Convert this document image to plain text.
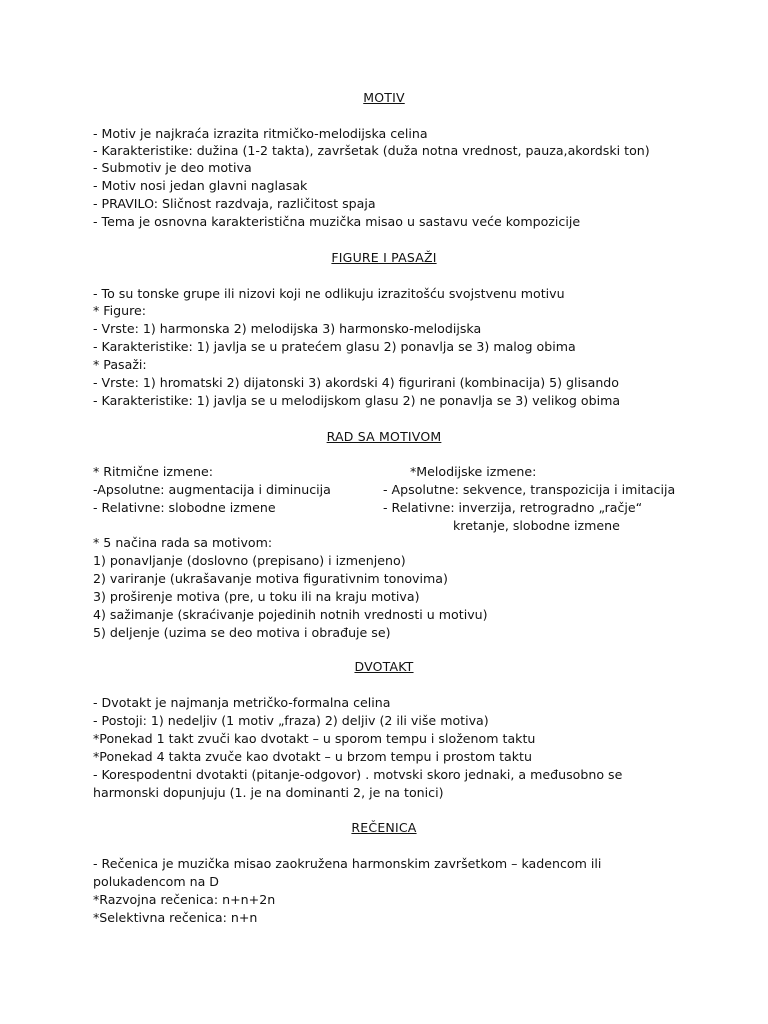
MOTIV
- Motiv je najkraća izrazita ritmičko-melodijska celina
- Karakteristike: dužina (1-2 takta), završetak (duža notna vrednost, pauza,akordski ton)
- Submotiv je deo motiva
- Motiv nosi jedan glavni naglasak
- PRAVILO: Sličnost razdvaja, različitost spaja
- Tema je osnovna karakteristična muzička misao u sastavu veće kompozicije
FIGURE I PASAŽI
- To su tonske grupe ili nizovi koji ne odlikuju izrazitošću svojstvenu motivu
* Figure:
- Vrste: 1) harmonska 2) melodijska 3) harmonsko-melodijska
- Karakteristike: 1) javlja se u pratećem glasu 2) ponavlja se 3) malog obima
* Pasaži:
- Vrste: 1) hromatski 2) dijatonski 3) akordski 4) figurirani (kombinacija) 5) glisando
- Karakteristike: 1) javlja se u melodijskom glasu 2) ne ponavlja se 3) velikog obima
RAD SA MOTIVOM
* Ritmične izmene:
-Apsolutne: augmentacija i diminucija
- Relativne: slobodne izmene
*Melodijske izmene:
- Apsolutne: sekvence, transpozicija i imitacija
- Relativne: inverzija, retrogradno „račje“
kretanje, slobodne izmene
* 5 načina rada sa motivom:
1) ponavljanje (doslovno (prepisano) i izmenjeno)
2) variranje (ukrašavanje motiva figurativnim tonovima)
3) proširenje motiva (pre, u toku ili na kraju motiva)
4) sažimanje (skraćivanje pojedinih notnih vrednosti u motivu)
5) deljenje (uzima se deo motiva i obrađuje se)
DVOTAKT
- Dvotakt je najmanja metričko-formalna celina
- Postoji: 1) nedeljiv (1 motiv „fraza) 2) deljiv (2 ili više motiva)
*Ponekad 1 takt zvuči kao dvotakt – u sporom tempu i složenom taktu
*Ponekad 4 takta zvuče kao dvotakt – u brzom tempu i prostom taktu
- Korespodentni dvotakti (pitanje-odgovor) . motvski skoro jednaki, a međusobno se
harmonski dopunjuju (1. je na dominanti 2, je na tonici)
REČENICA
- Rečenica je muzička misao zaokružena harmonskim završetkom – kadencom ili
polukadencom na D
*Razvojna rečenica: n+n+2n
*Selektivna rečenica: n+n
